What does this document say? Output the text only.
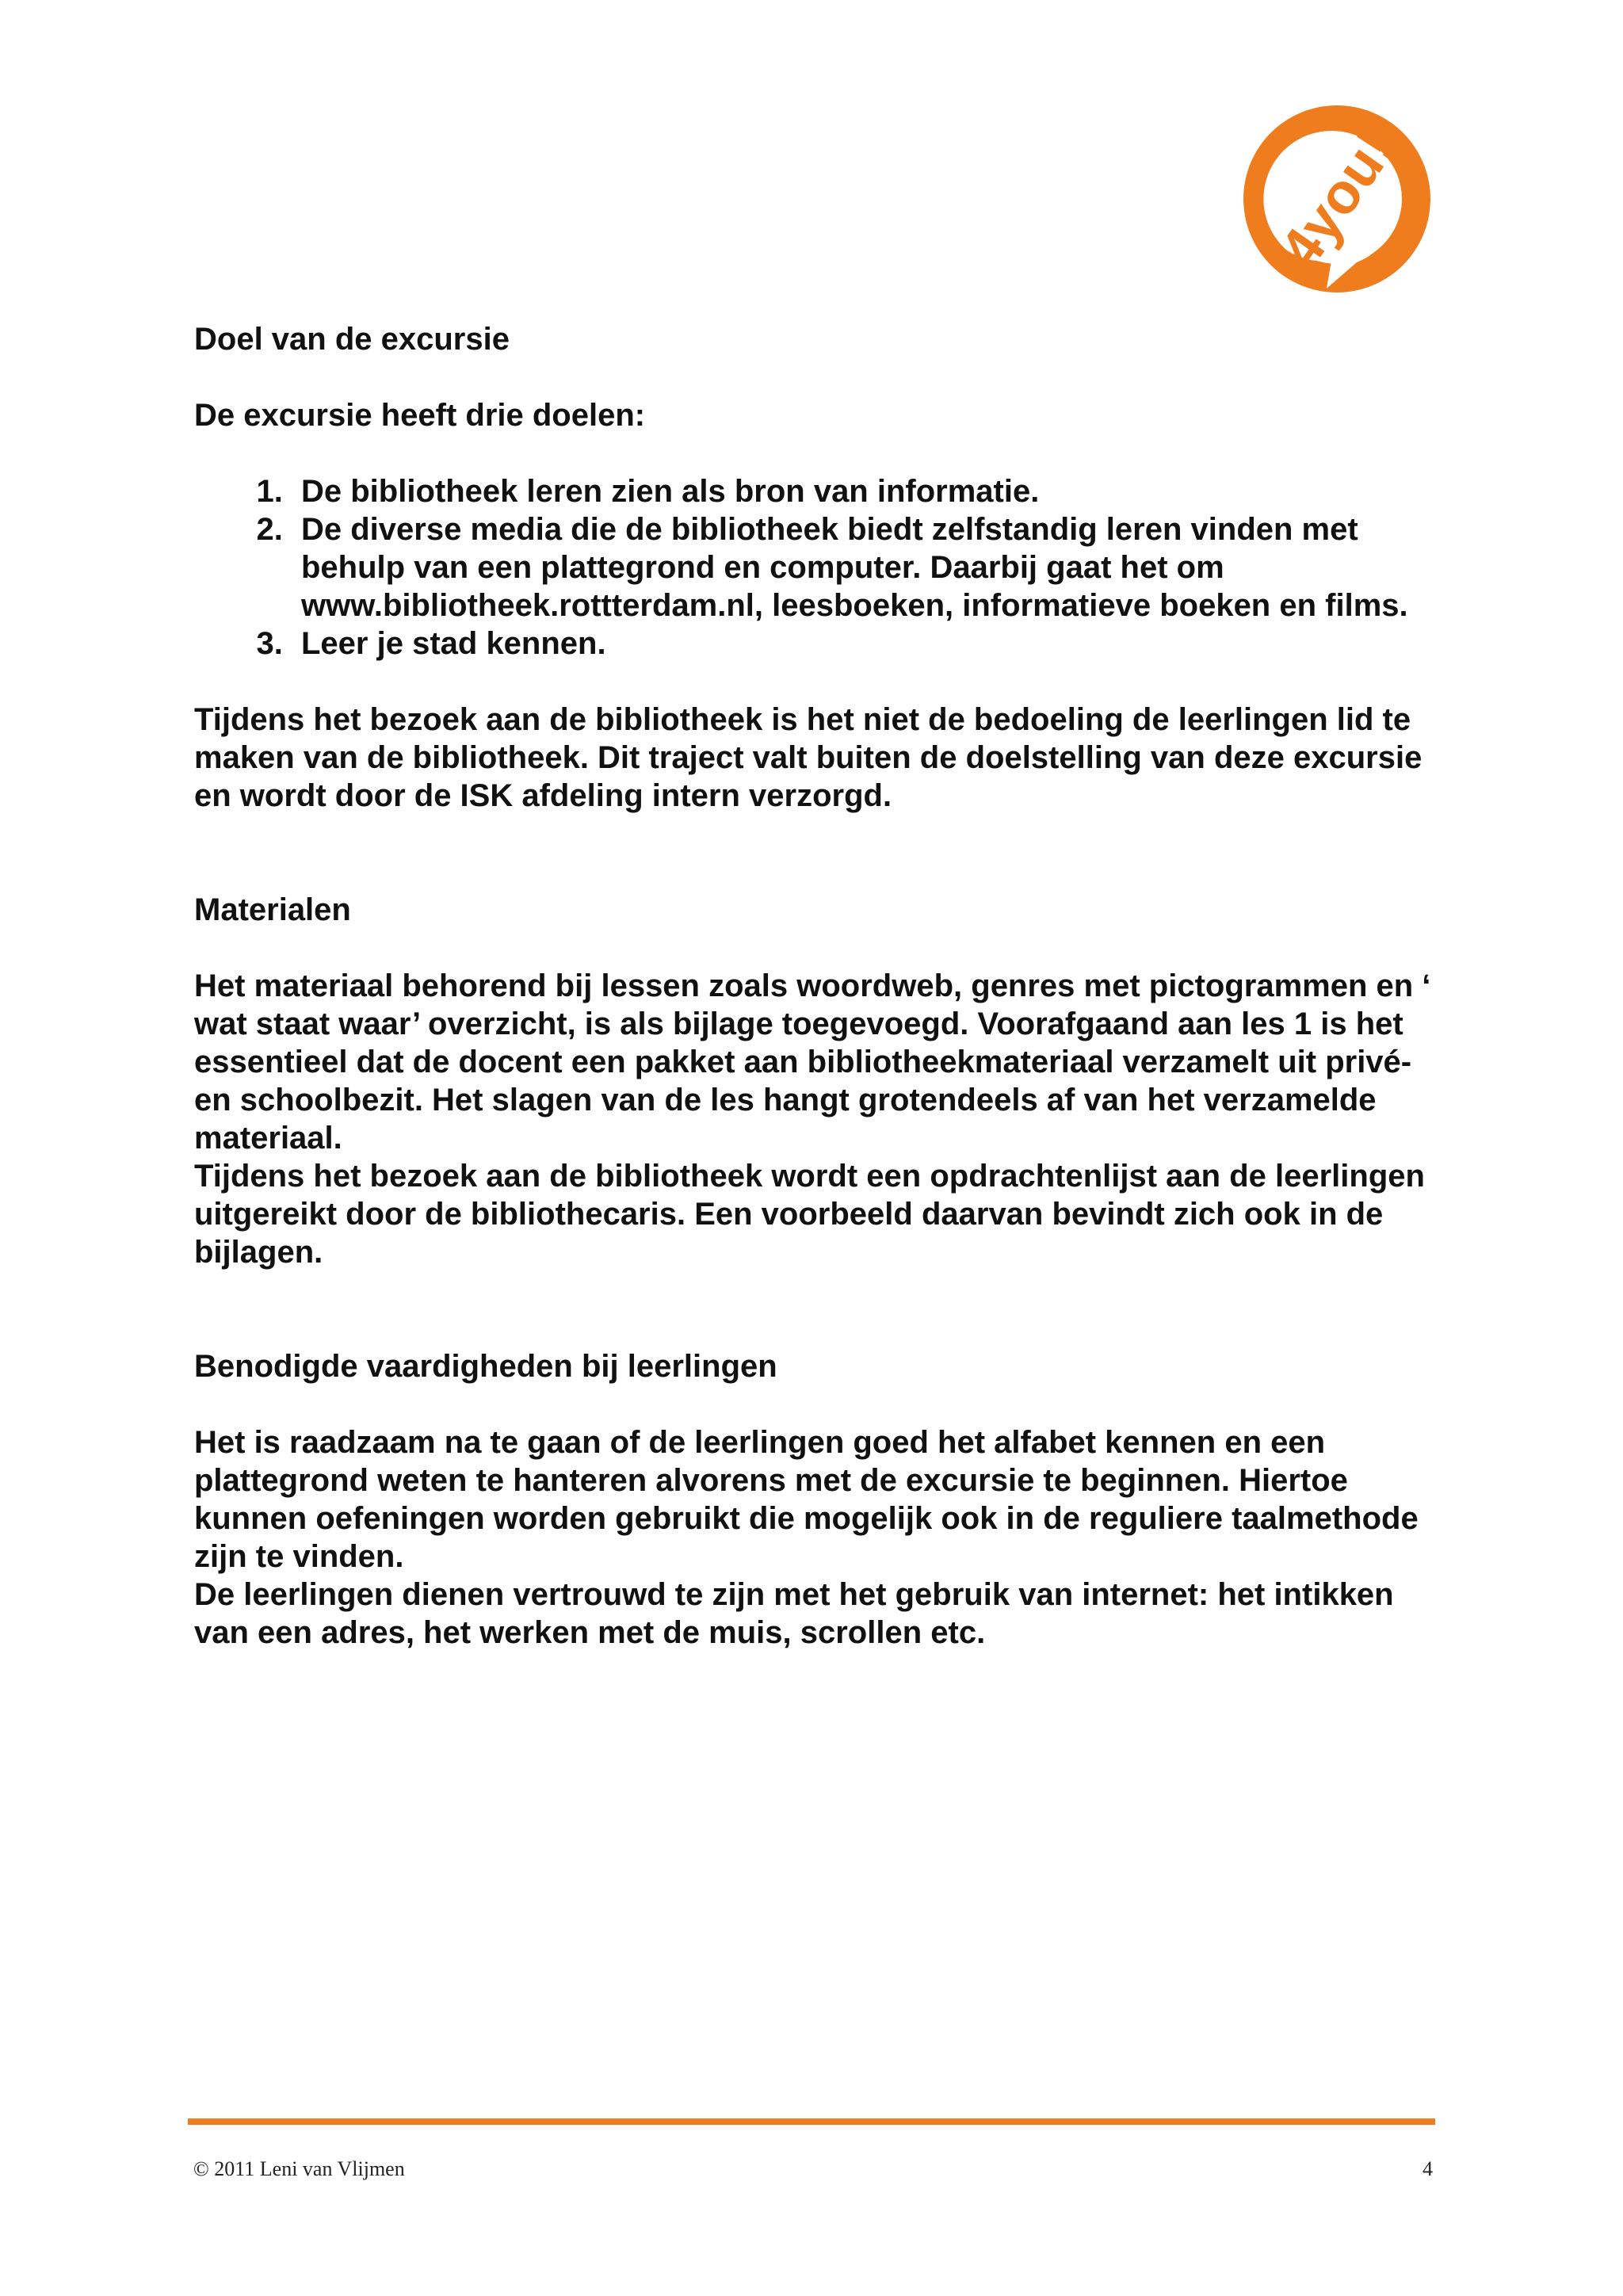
4you!

Doel van de excursie

De excursie heeft drie doelen:

1. De bibliotheek leren zien als bron van informatie.
2. De diverse media die de bibliotheek biedt zelfstandig leren vinden met behulp van een plattegrond en computer. Daarbij gaat het om www.bibliotheek.rottterdam.nl, leesboeken, informatieve boeken en films.
3. Leer je stad kennen.

Tijdens het bezoek aan de bibliotheek is het niet de bedoeling de leerlingen lid te maken van de bibliotheek. Dit traject valt buiten de doelstelling van deze excursie en wordt door de ISK afdeling intern verzorgd.

Materialen

Het materiaal behorend bij lessen zoals woordweb, genres met pictogrammen en ‘ wat staat waar’ overzicht, is als bijlage toegevoegd. Voorafgaand aan les 1 is het essentieel dat de docent een pakket aan bibliotheekmateriaal verzamelt uit privé- en schoolbezit. Het slagen van de les hangt grotendeels af van het verzamelde materiaal.

Tijdens het bezoek aan de bibliotheek wordt een opdrachtenlijst aan de leerlingen uitgereikt door de bibliothecaris. Een voorbeeld daarvan bevindt zich ook in de bijlagen.

Benodigde vaardigheden bij leerlingen

Het is raadzaam na te gaan of de leerlingen goed het alfabet kennen en een plattegrond weten te hanteren alvorens met de excursie te beginnen. Hiertoe kunnen oefeningen worden gebruikt die mogelijk ook in de reguliere taalmethode zijn te vinden.

De leerlingen dienen vertrouwd te zijn met het gebruik van internet: het intikken van een adres, het werken met de muis, scrollen etc.

© 2011 Leni van Vlijmen	4
